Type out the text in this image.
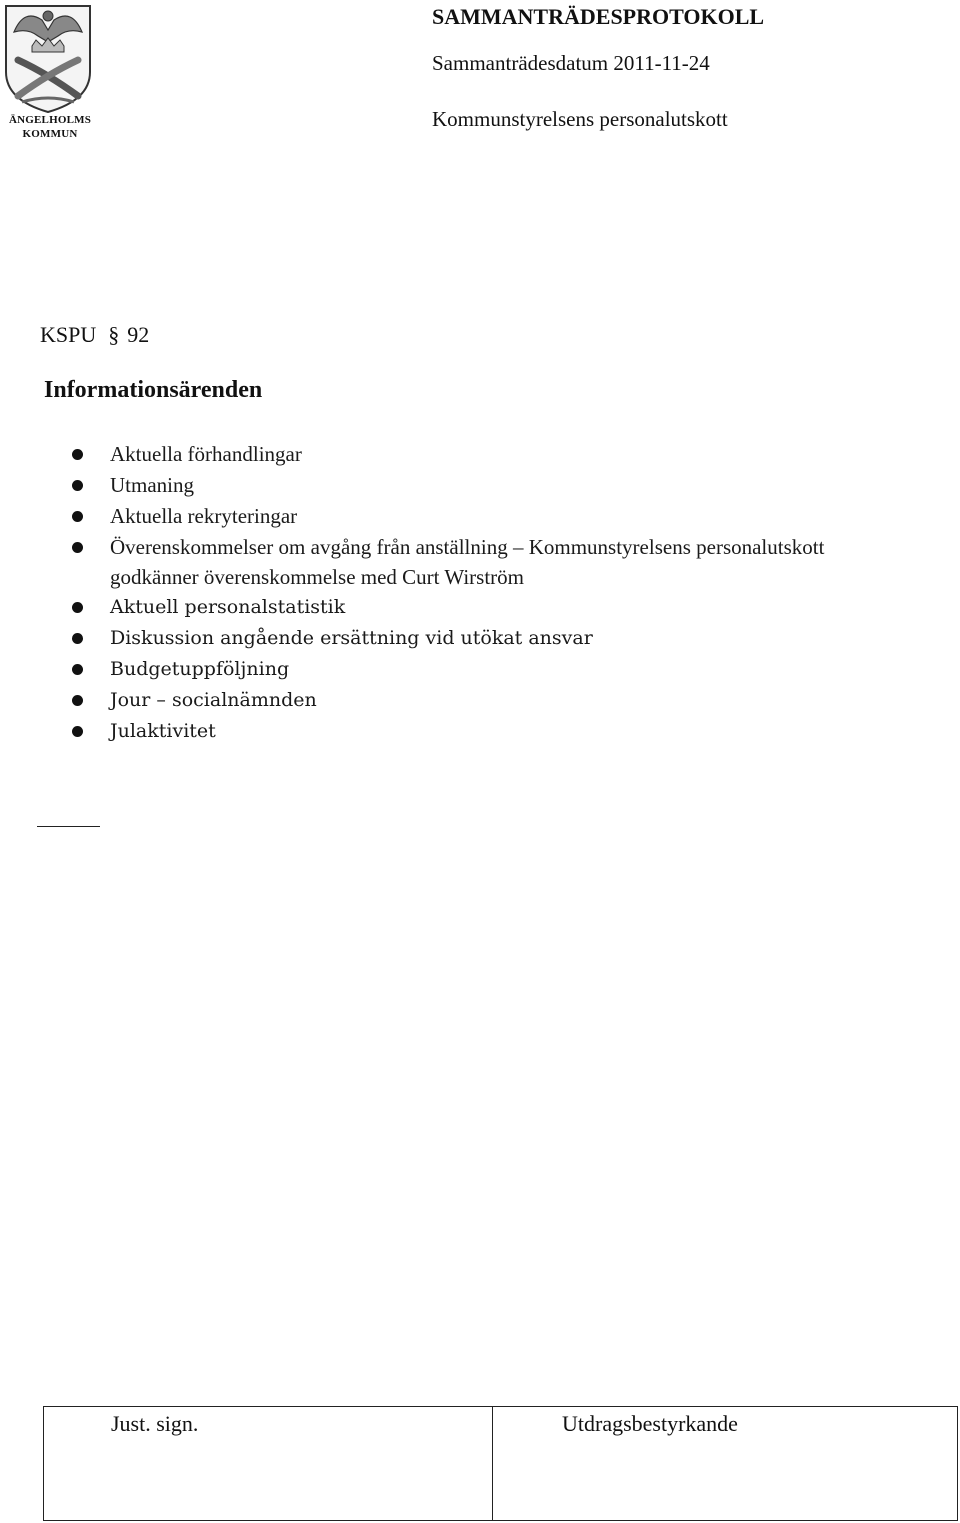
ÄNGELHOLMS
KOMMUN
SAMMANTRÄDESPROTOKOLL
Sammanträdesdatum 2011-11-24
Kommunstyrelsens personalutskott
KSPU § 92
Informationsärenden
Aktuella förhandlingar
Utmaning
Aktuella rekryteringar
Överenskommelser om avgång från anställning – Kommunstyrelsens personalutskott
godkänner överenskommelse med Curt Wirström
Aktuell personalstatistik
Diskussion angående ersättning vid utökat ansvar
Budgetuppföljning
Jour – socialnämnden
Julaktivitet
Just. sign.	Utdragsbestyrkande
